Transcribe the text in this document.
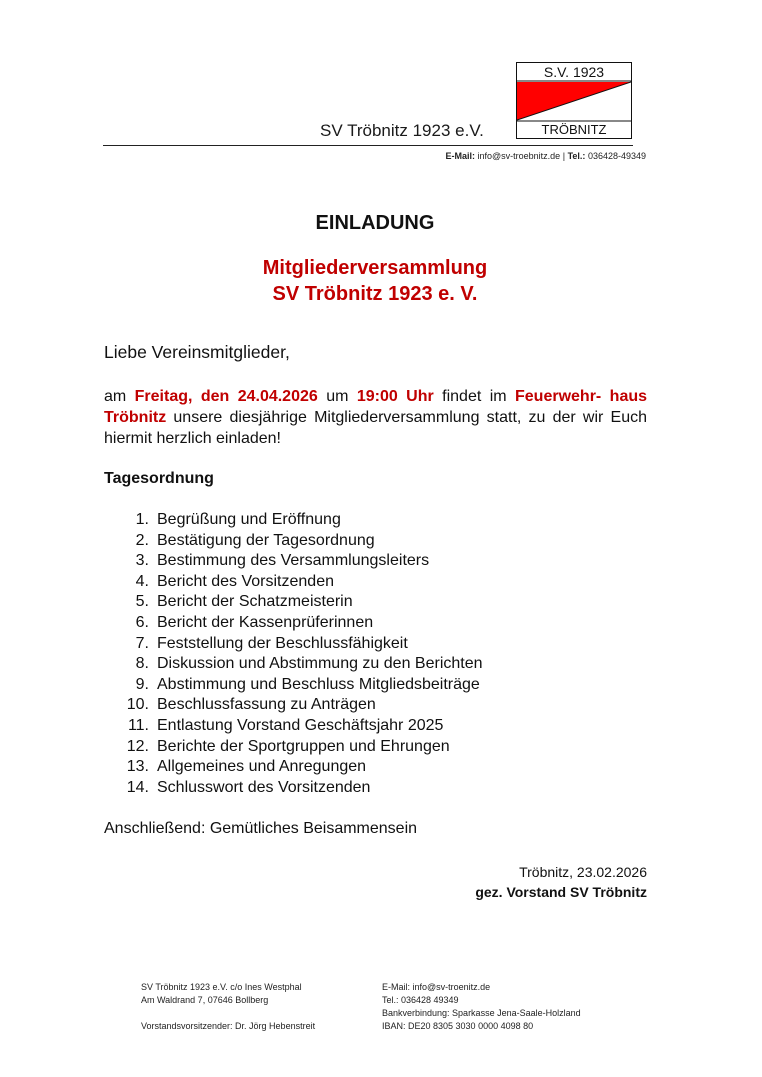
SV Tröbnitz 1923 e.V.
S.V. 1923
TRÖBNITZ
E-Mail: info@sv-troebnitz.de | Tel.: 036428-49349
EINLADUNG
Mitgliederversammlung
SV Tröbnitz 1923 e. V.
Liebe Vereinsmitglieder,
am Freitag, den 24.04.2026 um 19:00 Uhr findet im Feuerwehr- haus Tröbnitz unsere diesjährige Mitgliederversammlung statt, zu der wir Euch hiermit herzlich einladen!
Tagesordnung
1. Begrüßung und Eröffnung
2. Bestätigung der Tagesordnung
3. Bestimmung des Versammlungsleiters
4. Bericht des Vorsitzenden
5. Bericht der Schatzmeisterin
6. Bericht der Kassenprüferinnen
7. Feststellung der Beschlussfähigkeit
8. Diskussion und Abstimmung zu den Berichten
9. Abstimmung und Beschluss Mitgliedsbeiträge
10. Beschlussfassung zu Anträgen
11. Entlastung Vorstand Geschäftsjahr 2025
12. Berichte der Sportgruppen und Ehrungen
13. Allgemeines und Anregungen
14. Schlusswort des Vorsitzenden
Anschließend: Gemütliches Beisammensein
Tröbnitz, 23.02.2026
gez. Vorstand SV Tröbnitz
SV Tröbnitz 1923 e.V. c/o Ines Westphal
Am Waldrand 7, 07646 Bollberg
Vorstandsvorsitzender: Dr. Jörg Hebenstreit
E-Mail: info@sv-troenitz.de
Tel.: 036428 49349
Bankverbindung: Sparkasse Jena-Saale-Holzland
IBAN: DE20 8305 3030 0000 4098 80
